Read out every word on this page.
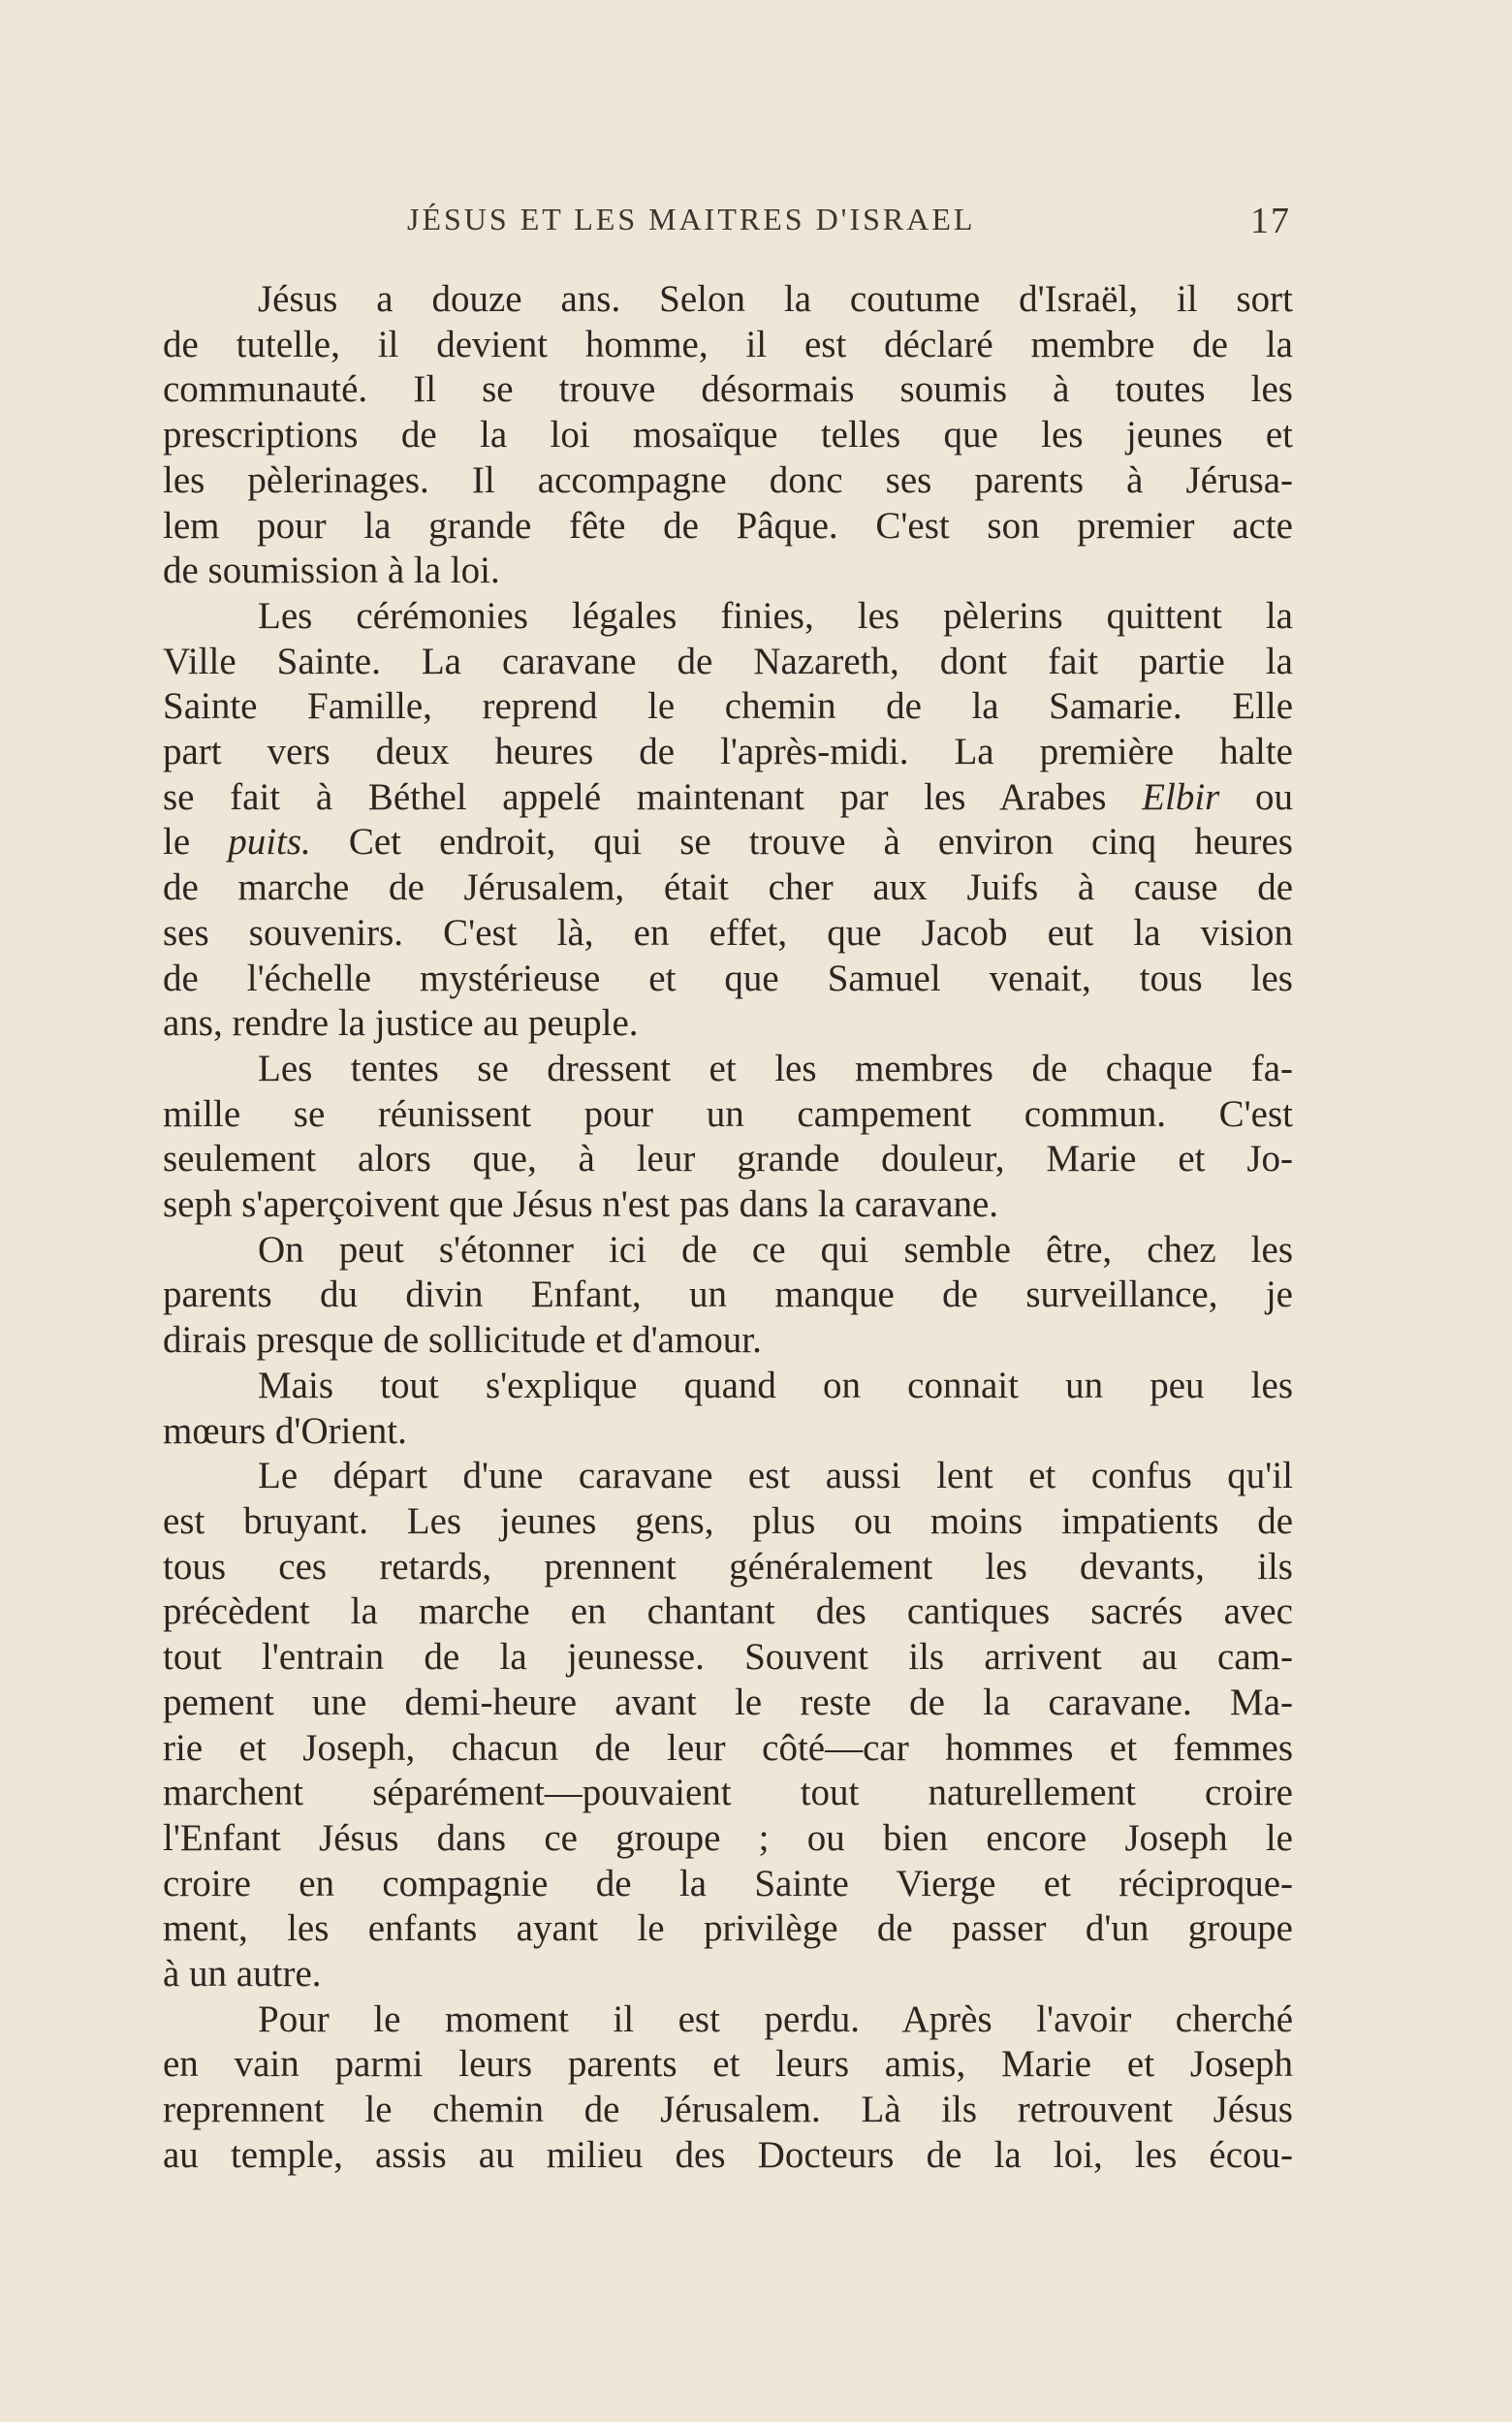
JÉSUS ET LES MAITRES D'ISRAEL	17
Jésus a douze ans. Selon la coutume d'Israël, il sort
de tutelle, il devient homme, il est déclaré membre de la
communauté. Il se trouve désormais soumis à toutes les
prescriptions de la loi mosaïque telles que les jeunes et
les pèlerinages. Il accompagne donc ses parents à Jérusa-
lem pour la grande fête de Pâque. C'est son premier acte
de soumission à la loi.
Les cérémonies légales finies, les pèlerins quittent la
Ville Sainte. La caravane de Nazareth, dont fait partie la
Sainte Famille, reprend le chemin de la Samarie. Elle
part vers deux heures de l'après-midi. La première halte
se fait à Béthel appelé maintenant par les Arabes Elbir ou
le puits. Cet endroit, qui se trouve à environ cinq heures
de marche de Jérusalem, était cher aux Juifs à cause de
ses souvenirs. C'est là, en effet, que Jacob eut la vision
de l'échelle mystérieuse et que Samuel venait, tous les
ans, rendre la justice au peuple.
Les tentes se dressent et les membres de chaque fa-
mille se réunissent pour un campement commun. C'est
seulement alors que, à leur grande douleur, Marie et Jo-
seph s'aperçoivent que Jésus n'est pas dans la caravane.
On peut s'étonner ici de ce qui semble être, chez les
parents du divin Enfant, un manque de surveillance, je
dirais presque de sollicitude et d'amour.
Mais tout s'explique quand on connait un peu les
mœurs d'Orient.
Le départ d'une caravane est aussi lent et confus qu'il
est bruyant. Les jeunes gens, plus ou moins impatients de
tous ces retards, prennent généralement les devants, ils
précèdent la marche en chantant des cantiques sacrés avec
tout l'entrain de la jeunesse. Souvent ils arrivent au cam-
pement une demi-heure avant le reste de la caravane. Ma-
rie et Joseph, chacun de leur côté—car hommes et femmes
marchent séparément—pouvaient tout naturellement croire
l'Enfant Jésus dans ce groupe ; ou bien encore Joseph le
croire en compagnie de la Sainte Vierge et réciproque-
ment, les enfants ayant le privilège de passer d'un groupe
à un autre.
Pour le moment il est perdu. Après l'avoir cherché
en vain parmi leurs parents et leurs amis, Marie et Joseph
reprennent le chemin de Jérusalem. Là ils retrouvent Jésus
au temple, assis au milieu des Docteurs de la loi, les écou-
